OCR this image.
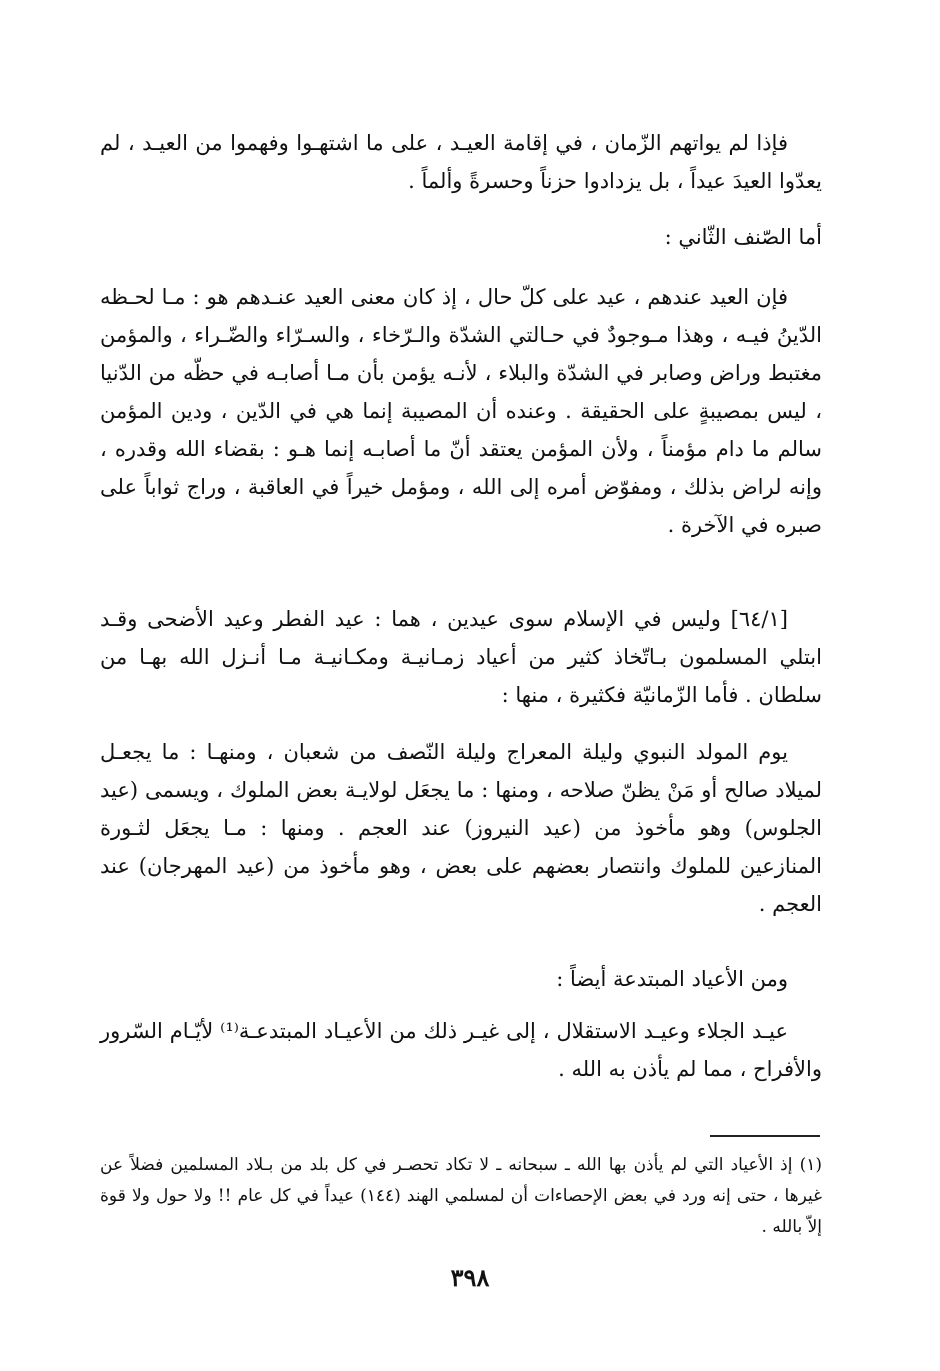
فإذا لم يواتهم الزّمان ، في إقامة العيـد ، على ما اشتهـوا وفهموا من العيـد ، لم يعدّوا العيدَ عيداً ، بل يزدادوا حزناً وحسرةً وألماً .

أما الصّنف الثّاني :

فإن العيد عندهم ، عيد على كلّ حال ، إذ كان معنى العيد عنـدهم هو : مـا لحـظه الدّينُ فيـه ، وهذا مـوجودٌ في حـالتي الشدّة والـرّخاء ، والسـرّاء والضّـراء ، والمؤمن مغتبط وراض وصابر في الشدّة والبلاء ، لأنـه يؤمن بأن مـا أصابـه في حظّه من الدّنيا ، ليس بمصيبةٍ على الحقيقة . وعنده أن المصيبة إنما هي في الدّين ، ودين المؤمن سالم ما دام مؤمناً ، ولأن المؤمن يعتقد أنّ ما أصابـه إنما هـو : بقضاء الله وقدره ، وإنه لراض بذلك ، ومفوّض أمره إلى الله ، ومؤمل خيراً في العاقبة ، وراج ثواباً على صبره في الآخرة .

[٦٤/١] وليس في الإسلام سوى عيدين ، هما : عيد الفطر وعيد الأضحى وقـد ابتلي المسلمون بـاتّخاذ كثير من أعياد زمـانيـة ومكـانيـة مـا أنـزل الله بهـا من سلطان . فأما الزّمانيّة فكثيرة ، منها :

يوم المولد النبوي وليلة المعراج وليلة النّصف من شعبان ، ومنهـا : ما يجعـل لميلاد صالح أو مَنْ يظنّ صلاحه ، ومنها : ما يجعَل لولايـة بعض الملوك ، ويسمى (عيد الجلوس) وهو مأخوذ من (عيد النيروز) عند العجم . ومنها : مـا يجعَل لثـورة المنازعين للملوك وانتصار بعضهم على بعض ، وهو مأخوذ من (عيد المهرجان) عند العجم .

ومن الأعياد المبتدعة أيضاً :

عيـد الجلاء وعيـد الاستقلال ، إلى غيـر ذلك من الأعيـاد المبتدعـة⁽¹⁾ لأيّـام السّرور والأفراح ، مما لم يأذن به الله .

(١) إذ الأعياد التي لم يأذن بها الله ـ سبحانه ـ لا تكاد تحصـر في كل بلد من بـلاد المسلمين فضلاً عن غيرها ، حتى إنه ورد في بعض الإحصاءات أن لمسلمي الهند (١٤٤) عيداً في كل عام !! ولا حول ولا قوة إلاّ بالله .

٣٩٨
